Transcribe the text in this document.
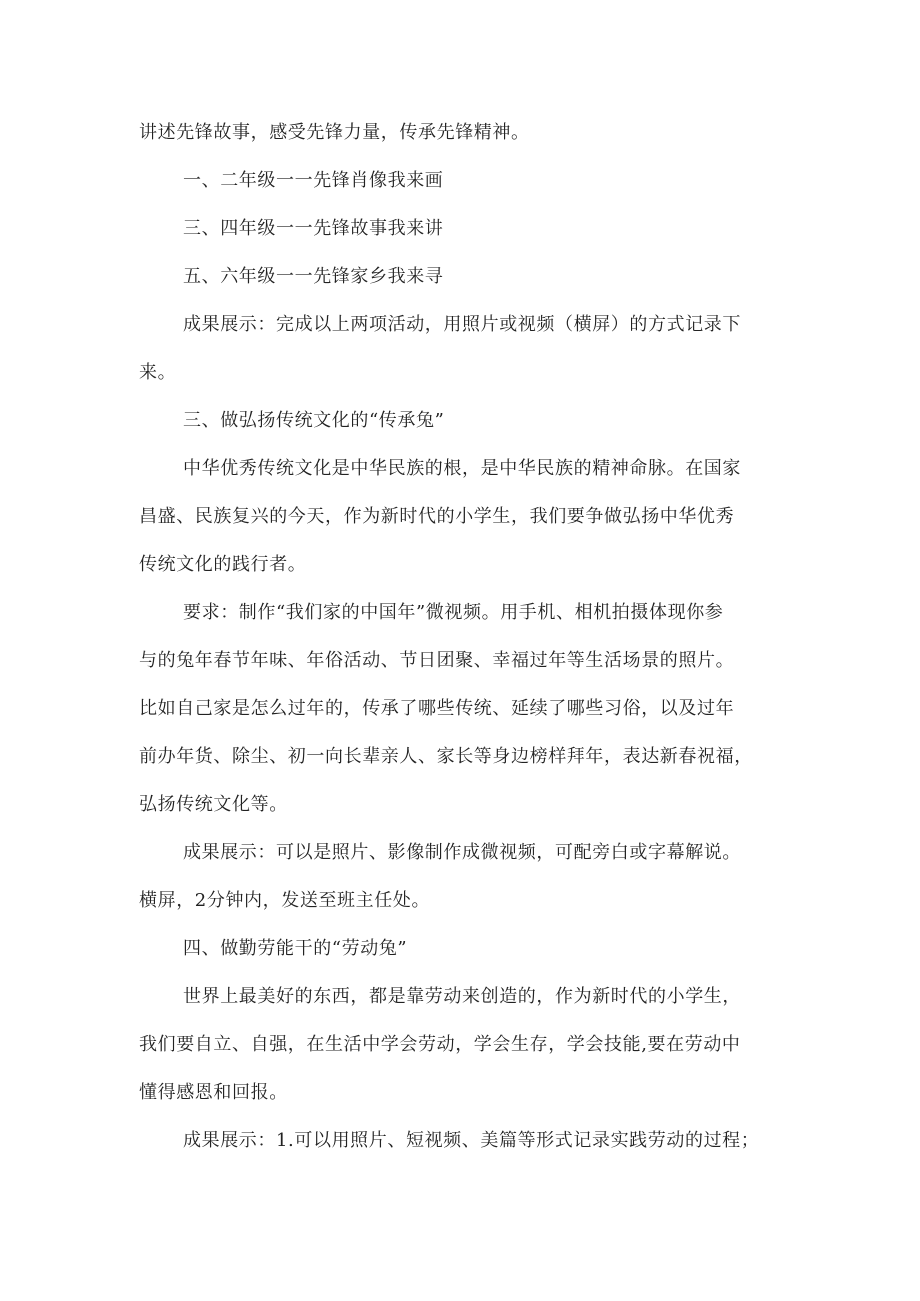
讲述先锋故事，感受先锋力量，传承先锋精神。
一、二年级一一先锋肖像我来画
三、四年级一一先锋故事我来讲
五、六年级一一先锋家乡我来寻
成果展示：完成以上两项活动，用照片或视频（横屏）的方式记录下
来。
三、做弘扬传统文化的“传承兔”
中华优秀传统文化是中华民族的根，是中华民族的精神命脉。在国家
昌盛、民族复兴的今天，作为新时代的小学生，我们要争做弘扬中华优秀
传统文化的践行者。
要求：制作“我们家的中国年”微视频。用手机、相机拍摄体现你参
与的兔年春节年味、年俗活动、节日团聚、幸福过年等生活场景的照片。
比如自己家是怎么过年的，传承了哪些传统、延续了哪些习俗，以及过年
前办年货、除尘、初一向长辈亲人、家长等身边榜样拜年，表达新春祝福，
弘扬传统文化等。
成果展示：可以是照片、影像制作成微视频，可配旁白或字幕解说。
横屏，2分钟内，发送至班主任处。
四、做勤劳能干的“劳动兔”
世界上最美好的东西，都是靠劳动来创造的，作为新时代的小学生，
我们要自立、自强，在生活中学会劳动，学会生存，学会技能,要在劳动中
懂得感恩和回报。
成果展示：1.可以用照片、短视频、美篇等形式记录实践劳动的过程；
